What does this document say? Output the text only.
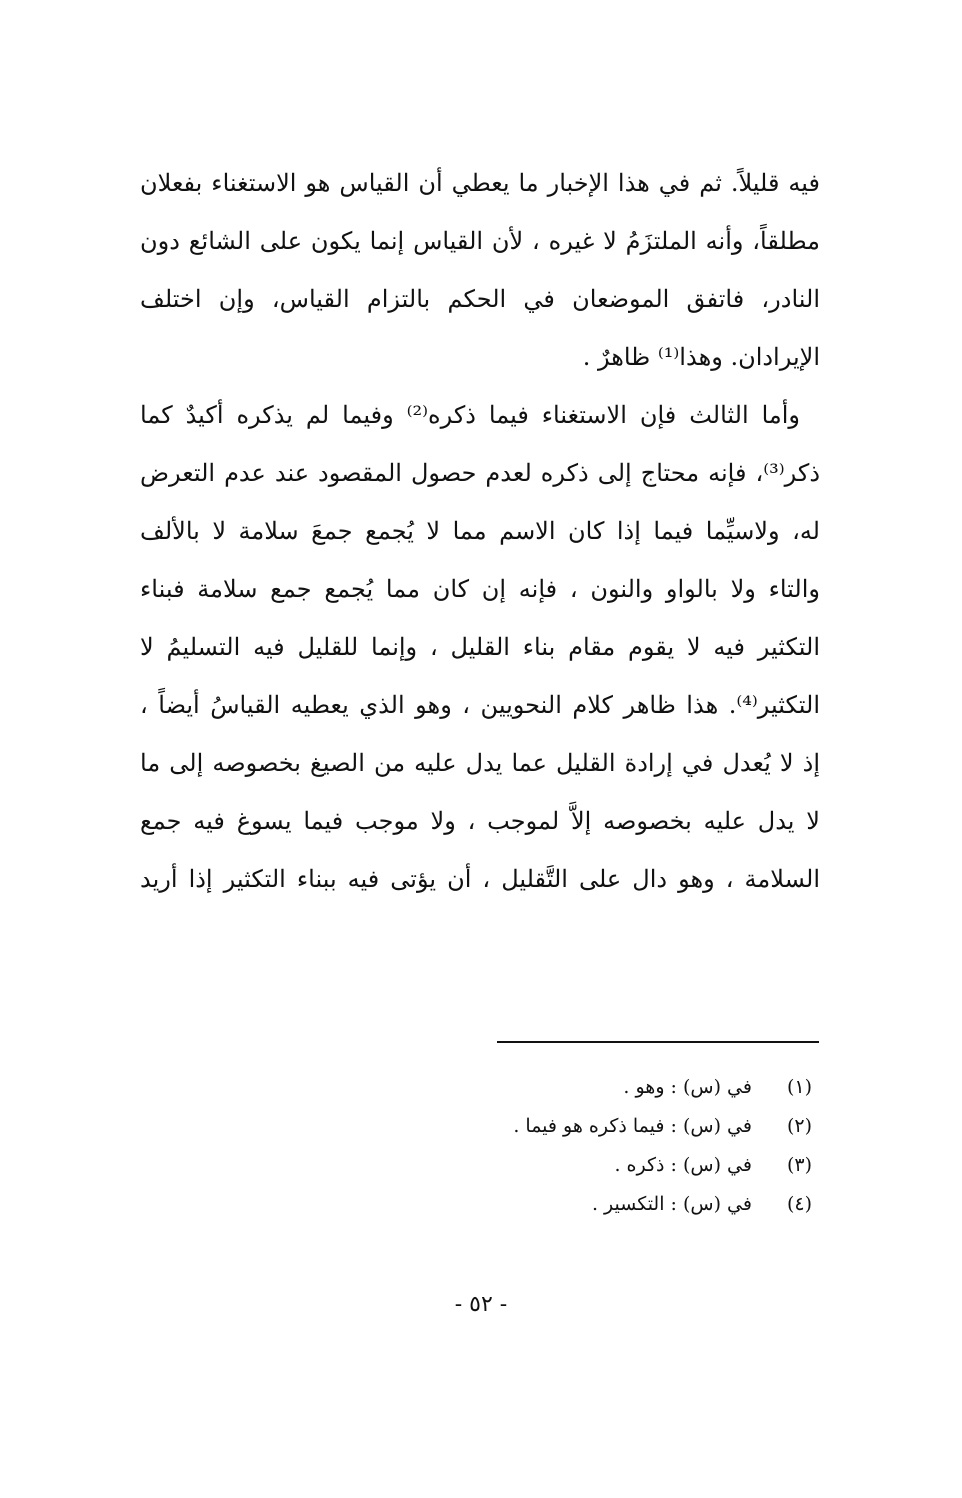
فيه قليلاً. ثم في هذا الإخبار ما يعطي أن القياس هو الاستغناء بفعلان
مطلقاً، وأنه الملتزَمُ لا غيره ، لأن القياس إنما يكون على الشائع دون
النادر، فاتفق الموضعان في الحكم بالتزام القياس، وإن اختلف
الإيرادان. وهذا⁽¹⁾ ظاهرٌ .
وأما الثالث فإن الاستغناء فيما ذكره⁽²⁾ وفيما لم يذكره أكيدٌ كما
ذكر⁽³⁾، فإنه محتاج إلى ذكره لعدم حصول المقصود عند عدم التعرض
له، ولاسيِّما فيما إذا كان الاسم مما لا يُجمع جمعَ سلامة لا بالألف
والتاء ولا بالواو والنون ، فإنه إن كان مما يُجمع جمع سلامة فبناء
التكثير فيه لا يقوم مقام بناء القليل ، وإنما للقليل فيه التسليمُ لا
التكثير⁽⁴⁾. هذا ظاهر كلام النحويين ، وهو الذي يعطيه القياسُ أيضاً ،
إذ لا يُعدل في إرادة القليل عما يدل عليه من الصيغ بخصوصه إلى ما
لا يدل عليه بخصوصه إلاَّ لموجب ، ولا موجب فيما يسوغ فيه جمع
السلامة ، وهو دال على التَّقليل ، أن يؤتى فيه ببناء التكثير إذا أريد
(١) في (س) : وهو .
(٢) في (س) : فيما ذكره هو فيما .
(٣) في (س) : ذكره .
(٤) في (س) : التكسير .
- ٥٢ -
